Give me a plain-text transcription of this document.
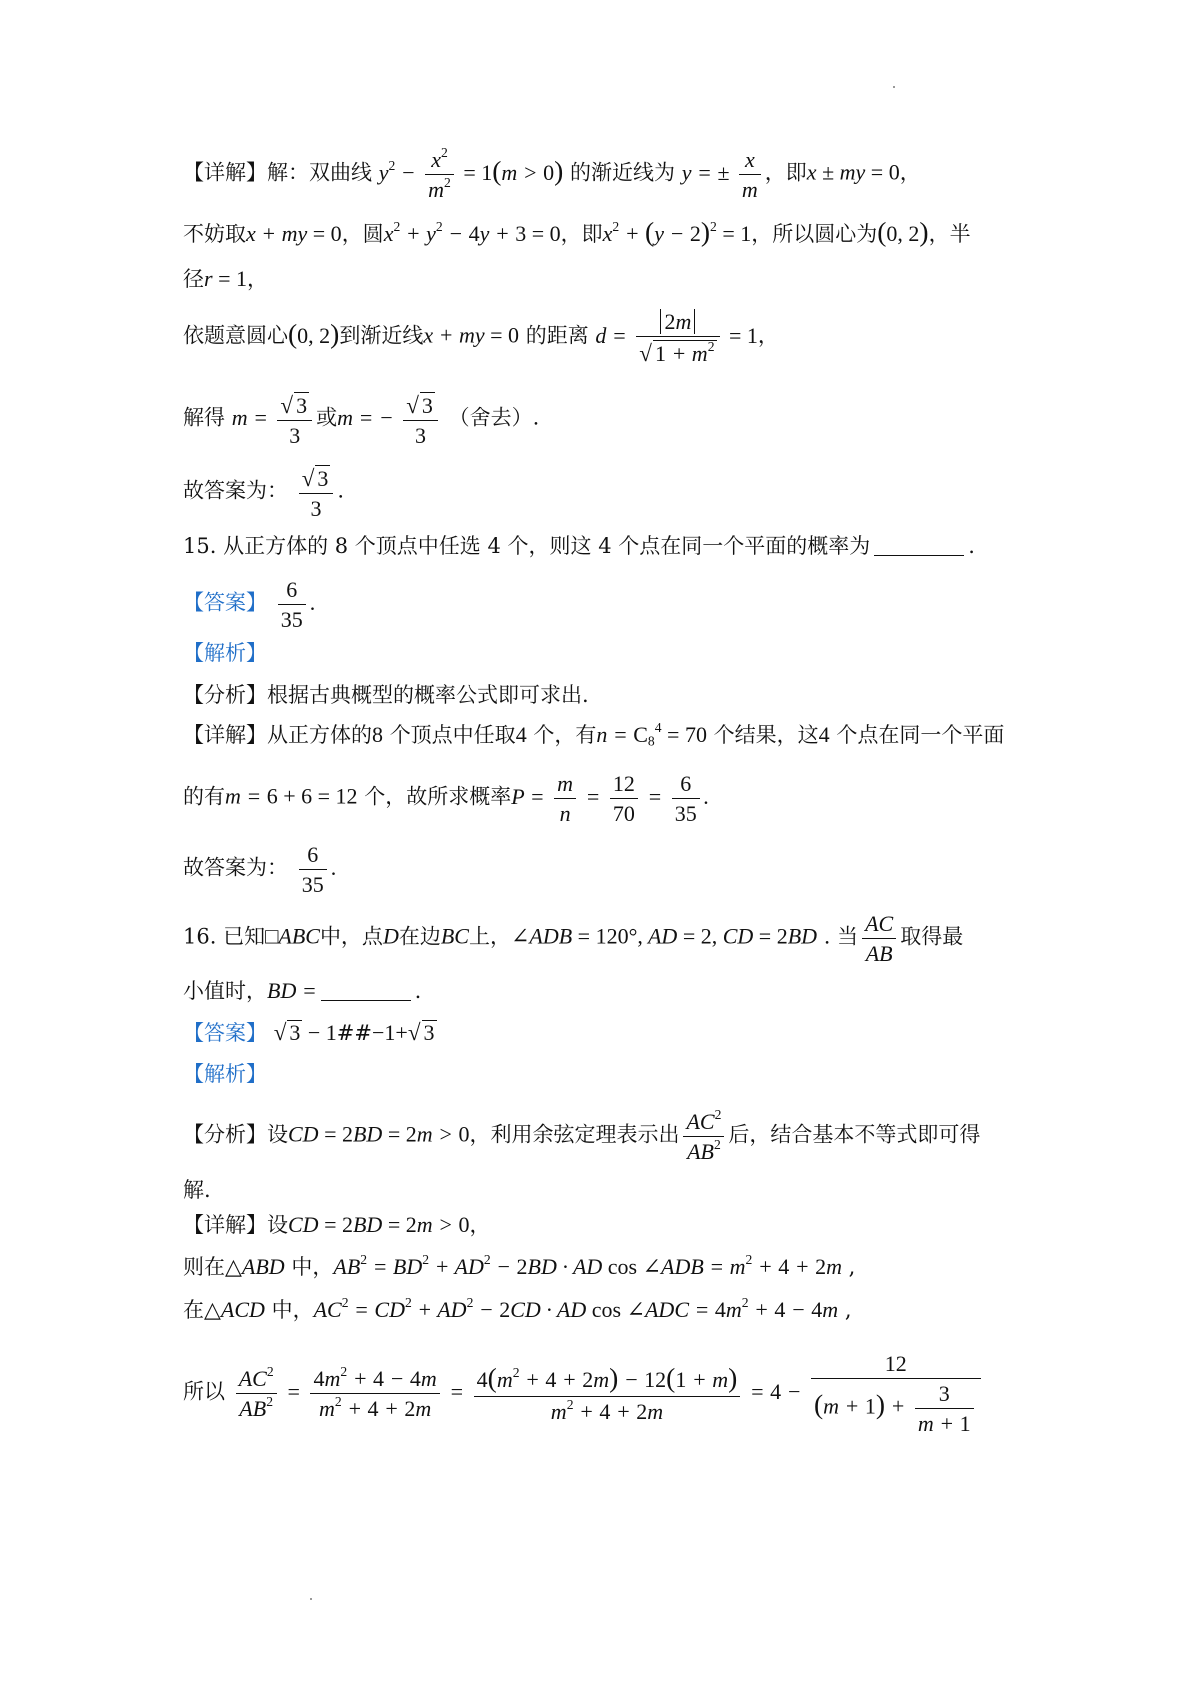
【详解】解：双曲线 $y^2 - \frac{x^2}{m^2} = 1(m > 0)$ 的渐近线为 y = ± $\frac{x}{m}$ ，即x ± my = 0，
不妨取x + my = 0，圆$x^2 + y^2 - 4y + 3 = 0$，即$x^2 + (y - 2)^2 = 1$，所以圆心为(0, 2)，半
径r = 1，
依题意圆心(0, 2)到渐近线x + my = 0 的距离 $d = \frac{2m}{√ 1 + m^2} = 1$，
解得 $m = \frac{√ 3}{3}$ 或m = − $\frac{√ 3}{3}$ （舍去）.
故答案为： $\frac{√ 3}{3}$ .
15. 从正方体的 8 个顶点中任选 4 个，则这 4 个点在同一个平面的概率为	.
【答案】 $\frac{6}{35}$ .
【解析】
【分析】根据古典概型的概率公式即可求出.
【详解】从正方体的8 个顶点中任取4 个，有$n = C_8^4 = 70$ 个结果，这4 个点在同一个平面
的有m = 6 + 6 = 12 个，故所求概率$P = \frac{m}{n} = \frac{12}{70} = \frac{6}{35}$ .
故答案为： $\frac{6}{35}$ .
16. 已知□ABC中，点D在边BC上，∠ADB = 120°, AD = 2, CD = 2BD . 当 $\frac{AC}{AB}$ 取得最
小值时，BD =	.
【答案】 √ 3 − 1##−1+√ 3
【解析】
【分析】设CD = 2BD = 2m > 0，利用余弦定理表示出 $\frac{AC^2}{AB^2}$ 后，结合基本不等式即可得
解.
【详解】设CD = 2BD = 2m > 0，
则在△ABD 中，$AB^2 = BD^2 + AD^2 - 2BD$ · AD cos ∠ADB = $m^2 + 4 + 2m$ ,
在△ACD 中，$AC^2 = CD^2 + AD^2 - 2CD$ · AD cos ∠ADC = $4m^2 + 4 - 4m$ ,
所以 $\frac{AC^2}{AB^2} = \frac{4m^2 + 4 - 4m}{m^2 + 4 + 2m} = \frac{4(m^2 + 4 + 2m) - 12(1 + m)}{m^2 + 4 + 2m} = 4 - \frac{12}{(m + 1) + \frac{3}{m + 1}}$
